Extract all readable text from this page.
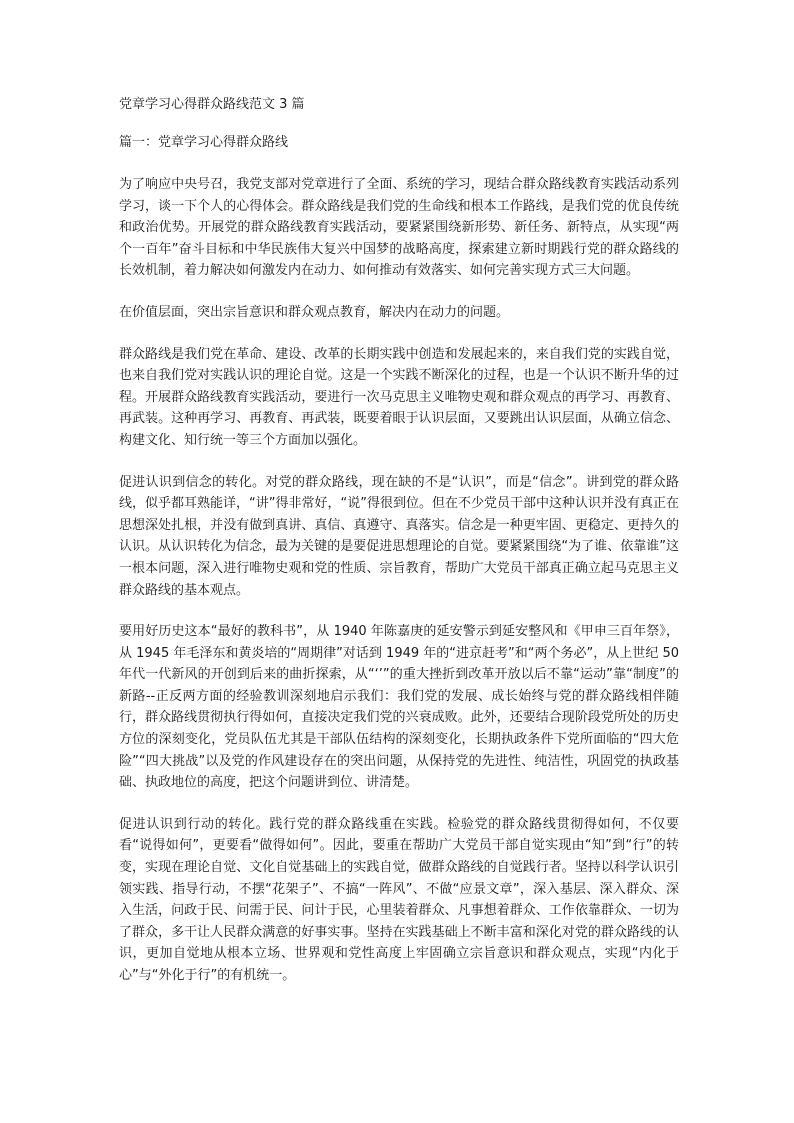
党章学习心得群众路线范文 3 篇
篇一：党章学习心得群众路线

为了响应中央号召，我党支部对党章进行了全面、系统的学习，现结合群众路线教育实践活动系列学习，谈一下个人的心得体会。群众路线是我们党的生命线和根本工作路线，是我们党的优良传统和政治优势。开展党的群众路线教育实践活动，要紧紧围绕新形势、新任务、新特点，从实现“两个一百年”奋斗目标和中华民族伟大复兴中国梦的战略高度，探索建立新时期践行党的群众路线的长效机制，着力解决如何激发内在动力、如何推动有效落实、如何完善实现方式三大问题。

在价值层面，突出宗旨意识和群众观点教育，解决内在动力的问题。

群众路线是我们党在革命、建设、改革的长期实践中创造和发展起来的，来自我们党的实践自觉，也来自我们党对实践认识的理论自觉。这是一个实践不断深化的过程，也是一个认识不断升华的过程。开展群众路线教育实践活动，要进行一次马克思主义唯物史观和群众观点的再学习、再教育、再武装。这种再学习、再教育、再武装，既要着眼于认识层面，又要跳出认识层面，从确立信念、构建文化、知行统一等三个方面加以强化。

促进认识到信念的转化。对党的群众路线，现在缺的不是“认识”，而是“信念”。讲到党的群众路线，似乎都耳熟能详，“讲”得非常好，“说”得很到位。但在不少党员干部中这种认识并没有真正在思想深处扎根，并没有做到真讲、真信、真遵守、真落实。信念是一种更牢固、更稳定、更持久的认识。从认识转化为信念，最为关键的是要促进思想理论的自觉。要紧紧围绕“为了谁、依靠谁”这一根本问题，深入进行唯物史观和党的性质、宗旨教育，帮助广大党员干部真正确立起马克思主义群众路线的基本观点。

要用好历史这本“最好的教科书”，从 1940 年陈嘉庚的延安警示到延安整风和《甲申三百年祭》，从 1945 年毛泽东和黄炎培的“周期律”对话到 1949 年的“进京赶考”和“两个务必”，从上世纪 50 年代一代新风的开创到后来的曲折探索，从“‘’”的重大挫折到改革开放以后不靠“运动”靠“制度”的新路--正反两方面的经验教训深刻地启示我们：我们党的发展、成长始终与党的群众路线相伴随行，群众路线贯彻执行得如何，直接决定我们党的兴衰成败。此外，还要结合现阶段党所处的历史方位的深刻变化，党员队伍尤其是干部队伍结构的深刻变化，长期执政条件下党所面临的“四大危险”“四大挑战”以及党的作风建设存在的突出问题，从保持党的先进性、纯洁性，巩固党的执政基础、执政地位的高度，把这个问题讲到位、讲清楚。

促进认识到行动的转化。践行党的群众路线重在实践。检验党的群众路线贯彻得如何，不仅要看“说得如何”，更要看“做得如何”。因此，要重在帮助广大党员干部自觉实现由“知”到“行”的转变，实现在理论自觉、文化自觉基础上的实践自觉，做群众路线的自觉践行者。坚持以科学认识引领实践、指导行动，不摆“花架子”、不搞“一阵风”、不做“应景文章”，深入基层、深入群众、深入生活，问政于民、问需于民、问计于民，心里装着群众、凡事想着群众、工作依靠群众、一切为了群众，多干让人民群众满意的好事实事。坚持在实践基础上不断丰富和深化对党的群众路线的认识，更加自觉地从根本立场、世界观和党性高度上牢固确立宗旨意识和群众观点，实现“内化于心”与“外化于行”的有机统一。
